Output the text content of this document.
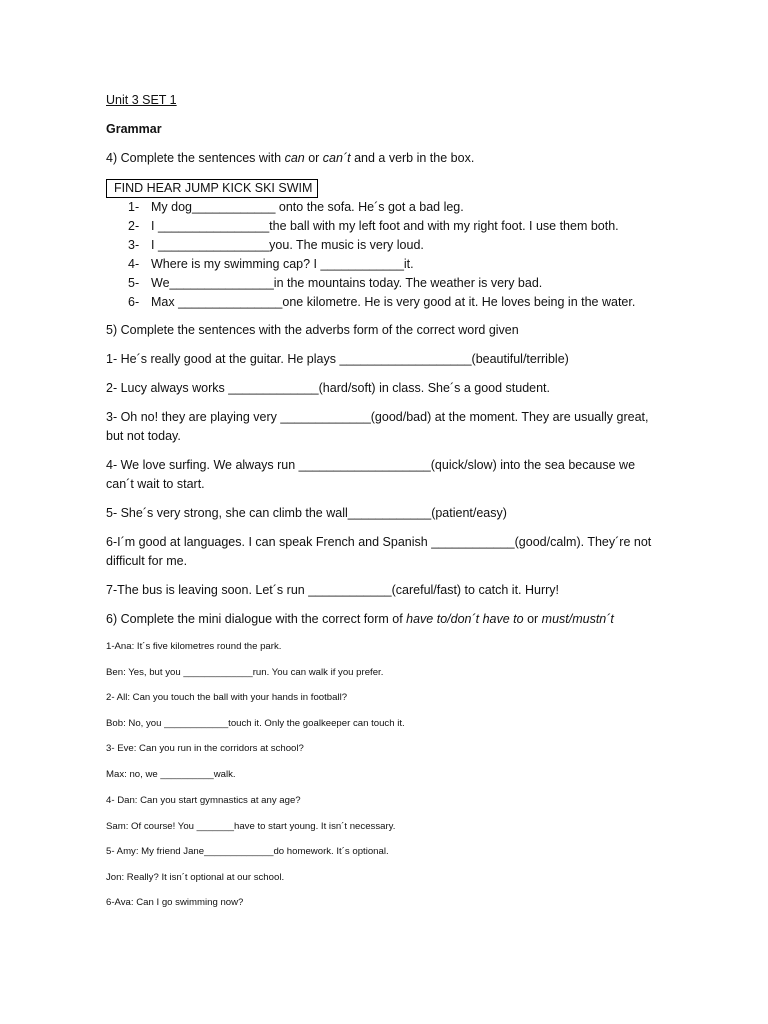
Unit 3 SET 1
Grammar
4) Complete the sentences with can or can´t and a verb in the box.
FIND HEAR JUMP KICK SKI SWIM
1- My dog____________ onto the sofa. He´s got a bad leg.
2- I ________________the ball with my left foot and with my right foot. I use them both.
3- I ________________you. The music is very loud.
4- Where is my swimming cap? I ____________it.
5- We_______________in the mountains today. The weather is very bad.
6- Max _______________one kilometre. He is very good at it. He loves being in the water.
5) Complete the sentences with the adverbs form of the correct word given
1- He´s really good at the guitar. He plays ___________________(beautiful/terrible)
2- Lucy always works _____________(hard/soft) in class. She´s a good student.
3- Oh no! they are playing very _____________(good/bad) at the moment. They are usually great,
but not today.
4- We love surfing. We always run ___________________(quick/slow) into the sea because we
can´t wait to start.
5- She´s very strong, she can climb the wall____________(patient/easy)
6-I´m good at languages. I can speak French and Spanish ____________(good/calm). They´re not
difficult for me.
7-The bus is leaving soon. Let´s run ____________(careful/fast) to catch it. Hurry!
6) Complete the mini dialogue with the correct form of have to/don´t have to or must/mustn´t
1-Ana: It´s five kilometres round the park.
Ben: Yes, but you _____________run. You can walk if you prefer.
2- All: Can you touch the ball with your hands in football?
Bob: No, you ____________touch it. Only the goalkeeper can touch it.
3- Eve: Can you run in the corridors at school?
Max: no, we __________walk.
4- Dan: Can you start gymnastics at any age?
Sam: Of course! You _______have to start young. It isn´t necessary.
5- Amy: My friend Jane_____________do homework. It´s optional.
Jon: Really? It isn´t optional at our school.
6-Ava: Can I go swimming now?
